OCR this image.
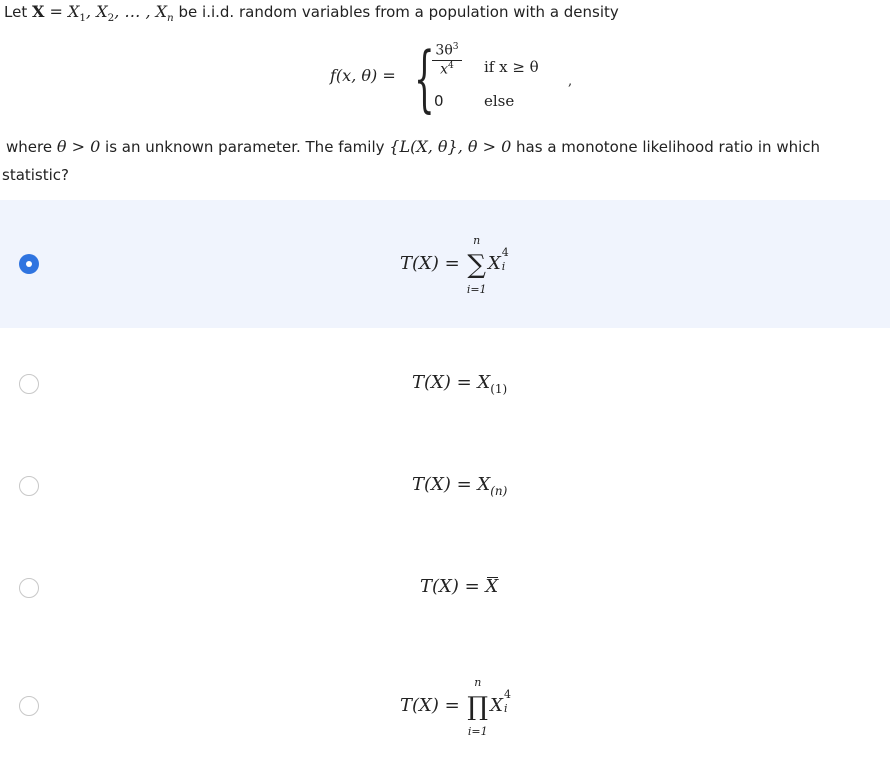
Let $X = X_1$, $X_2$, … , $X_n$ be i.i.d. random variables from a population with a density
f(x, θ) = {
$\frac{3\theta^3}{x^4}$
0
if x ≥ θ
else
,
where θ > 0 is an unknown parameter. The family {L(X, θ}, θ > 0 has a monotone likelihood ratio in which
statistic?
T(X) = ∑
n
i=1
X
4
i
$T(X) = X_{(1)}$
$T(X) = X_{(n)}$
T(X) = X
T(X) = ∏
n
i=1
X
4
i
